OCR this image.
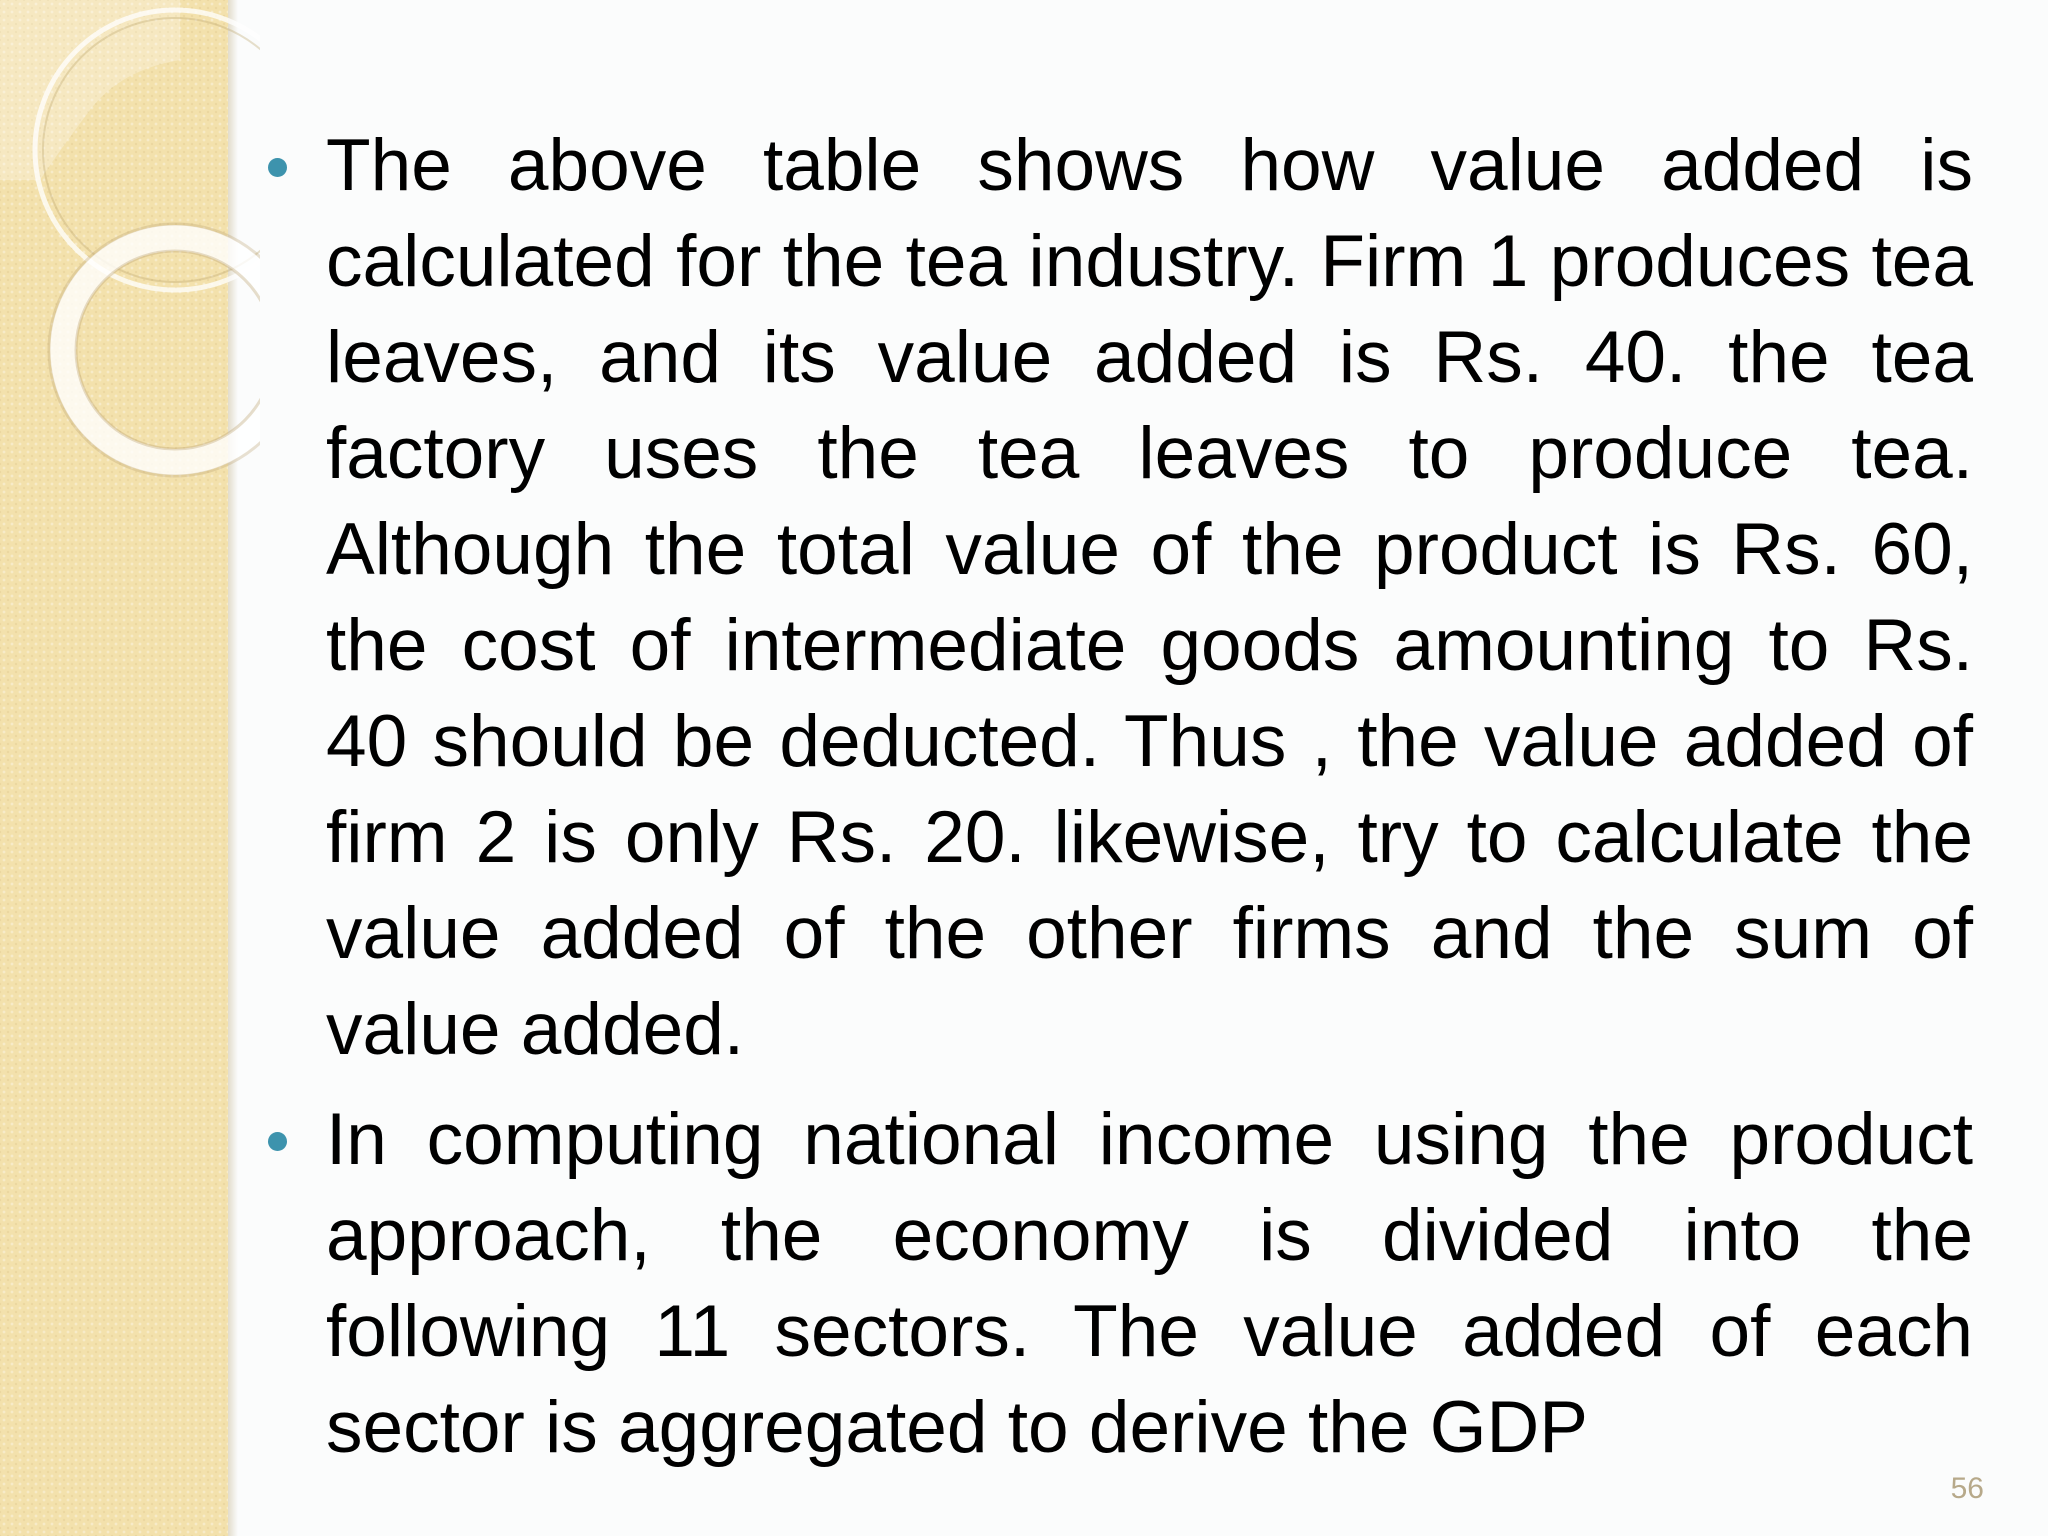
The above table shows how value added is calculated for the tea industry. Firm 1 produces tea leaves, and its value added is Rs. 40. the tea factory uses the tea leaves to produce tea. Although the total value of the product is Rs. 60, the cost of intermediate goods amounting to Rs. 40 should be deducted. Thus , the value added of firm 2 is only Rs. 20. likewise, try to calculate the value added of the other firms and the sum of value added.

In computing national income using the product approach, the economy is divided into the following 11 sectors. The value added of each sector is aggregated to derive the GDP

56
